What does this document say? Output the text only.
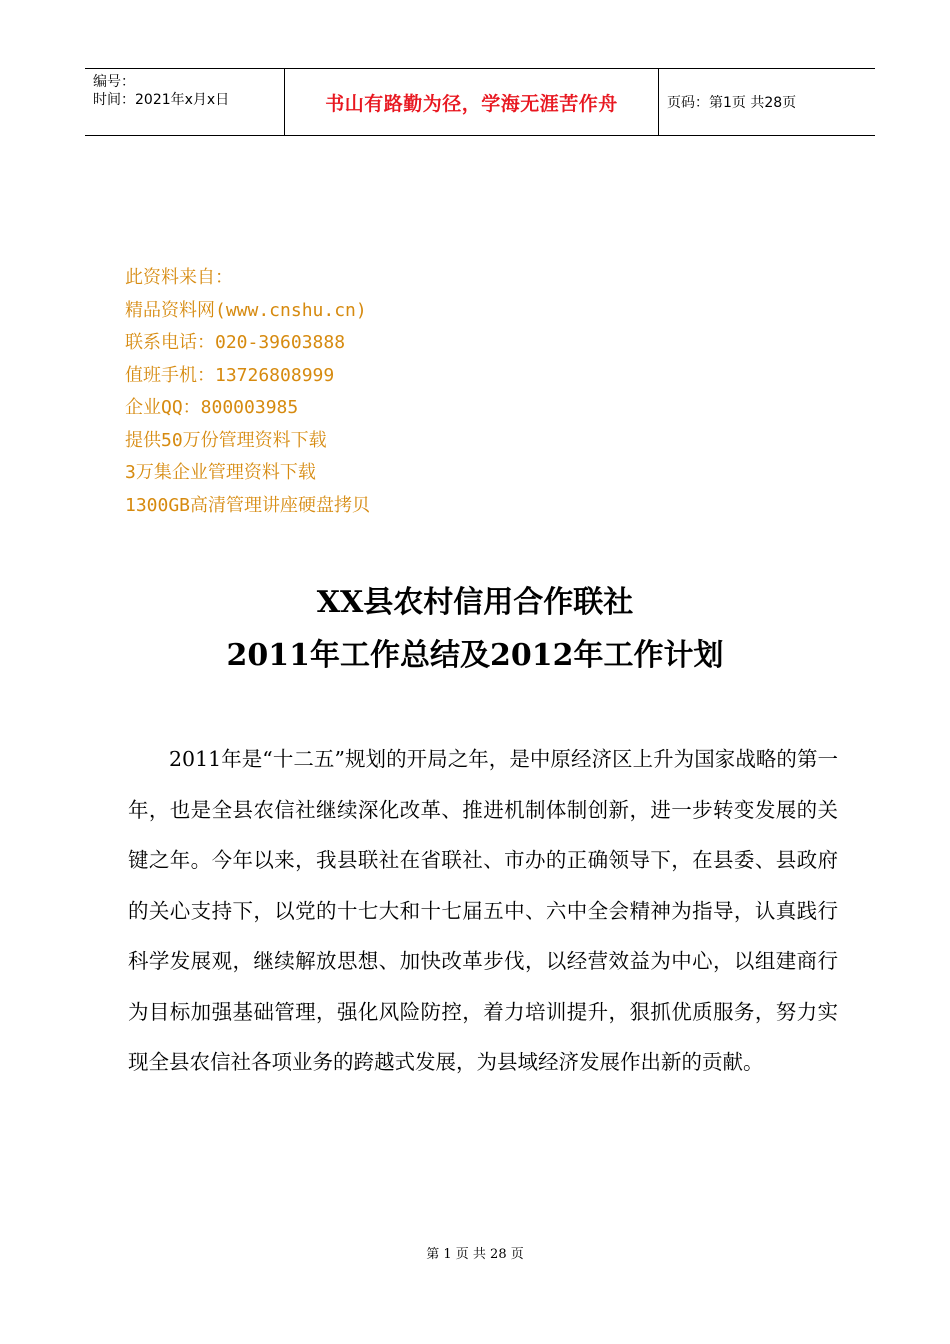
编号：
时间：2021年x月x日	书山有路勤为径，学海无涯苦作舟	页码：第1页 共28页
此资料来自：
精品资料网(www.cnshu.cn)
联系电话：020-39603888
值班手机：13726808999
企业QQ：800003985
提供50万份管理资料下载
3万集企业管理资料下载
1300GB高清管理讲座硬盘拷贝
XX县农村信用合作联社
2011年工作总结及2012年工作计划

2011年是“十二五”规划的开局之年，是中原经济区上升为国家战略的第一年，也是全县农信社继续深化改革、推进机制体制创新，进一步转变发展的关键之年。今年以来，我县联社在省联社、市办的正确领导下，在县委、县政府的关心支持下，以党的十七大和十七届五中、六中全会精神为指导，认真践行科学发展观，继续解放思想、加快改革步伐，以经营效益为中心，以组建商行为目标加强基础管理，强化风险防控，着力培训提升，狠抓优质服务，努力实现全县农信社各项业务的跨越式发展，为县域经济发展作出新的贡献。

第 1 页 共 28 页
